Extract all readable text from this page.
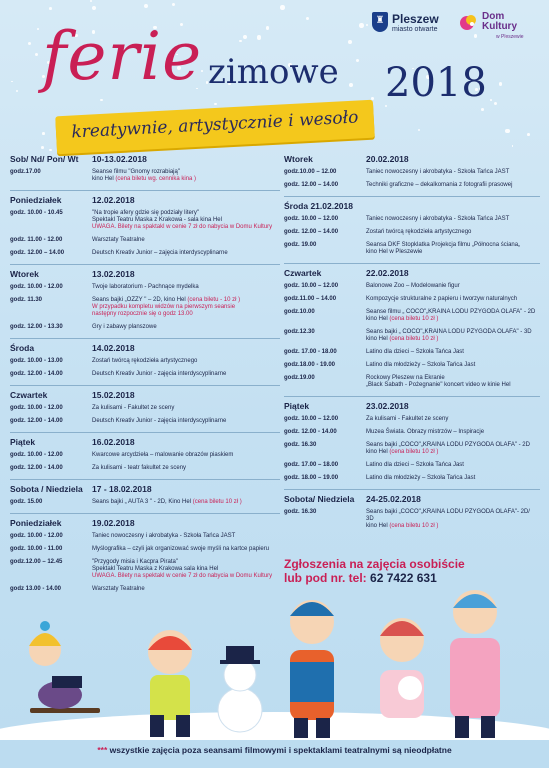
♜ Pleszew
miasto otwarte
Dom
Kultury
w Pleszewie
ferie zimowe 2018
kreatywnie, artystycznie i wesoło
Sob/ Nd/ Pon/ Wt 10-13.02.2018
godz.17.00	Seanse filmu "Gnomy rozrabiają"
kino Hel (cena biletu wg. cennika kina )
Poniedziałek	12.02.2018
godz. 10.00 - 10.45	"Na tropie afery gdzie się podziały litery"
Spektakl Teatru Maska z Krakowa - sala kina Hel
UWAGA. Bilety na spaktakl w cenie 7 zł do nabycia w Domu Kultury
godz. 11.00 - 12.00	Warsztaty Teatralne
godz. 12.00 – 14.00	Deutsch Kreativ Junior – zajęcia interdyscyplinarne
Wtorek	13.02.2018
godz. 10.00 - 12.00	Twoje laboratorium - Pachnące mydelka
godz. 11.30	Seans bajki „OZZY " – 2D, kino Hel (cena biletu - 10 zł )
W przypadku kompletu widzów na pierwszym seansie
następny rozpocznie się o godz 13.00
godz. 12.00 - 13.30	Gry i zabawy planszowe
Środa	14.02.2018
godz. 10.00 - 13.00	Zostań twórcą rękodzieła artystycznego
godz. 12.00 - 14.00	Deutsch Kreativ Junior - zajęcia interdyscyplinarne
Czwartek	15.02.2018
godz. 10.00 - 12.00	Za kulisami - Fakultet ze sceny
godz. 12.00 - 14.00	Deutsch Kreativ Junior - zajęcia interdyscyplinarne
Piątek	16.02.2018
godz. 10.00 - 12.00	Kwarcowe arcydzieła – malowanie obrazów piaskiem
godz. 12.00 - 14.00	Za kulisami - teatr fakultet ze sceny
Sobota / Niedziela 17 - 18.02.2018
godz. 15.00	Seans bajki „ AUTA 3 " - 2D, Kino Hel (cena biletu 10 zł )
Poniedziałek	19.02.2018
godz. 10.00 - 12.00	Taniec nowoczesny i akrobatyka - Szkoła Tańca JAST
godz. 10.00 - 11.00	Myślografika – czyli jak organizować swoje myśli na kartce papieru
godz.12.00 – 12.45	"Przygody misia i Kacpra Pirata"
Spektakl Teatru Maska z Krakowa sala kina Hel
UWAGA. Bilety na spektakl w cenie 7 zł do nabycia w Domu Kultury
godz 13.00 - 14.00	Warsztaty Teatralne
Wtorek	20.02.2018
godz.10.00 – 12.00	Taniec nowoczesny i akrobatyka - Szkoła Tańca JAST
godz. 12.00 – 14.00	Techniki graficzne – dekalkomania z fotografii prasowej
Środa 21.02.2018
godz. 10.00 – 12.00	Taniec nowoczesny i akrobatyka - Szkoła Tańca JAST
godz. 12.00 – 14.00	Zostań twórcą rękodzieła artystycznego
godz. 19.00	Seansa DKF Stopklatka Projekcja filmu „Północna ściana„
kino Hel w Pleszewie
Czwartek	22.02.2018
godz. 10.00 – 12.00	Balonowe Zoo – Modelowanie figur
godz.11.00 – 14.00	Kompozycje strukturalne z papieru i tworzyw naturalnych
godz.10.00	Seanse filmu „ COCO"„KRAINA LODU PZYGODA OLAFA" - 2D
kino Hel (cena biletu 10 zł )
godz.12.30	Seans bajki „ COCO"„KRAINA LODU PZYGODA OLAFA" - 3D
kino Hel (cena biletu 10 zł )
godz. 17.00 - 18.00	Latino dla dzieci – Szkoła Tańca Jast
godz.18.00 - 19.00	Latino dla młodzieży – Szkoła Tańca Jast
godz.19.00	Rockowy Pleszew na Ekranie
„Black Sabath - Pożegnanie" koncert video w kinie Hel
Piątek	23.02.2018
godz. 10.00 – 12.00	Za kulisami - Fakultet ze sceny
godz. 12.00 - 14.00	Muzea Świata. Obrazy mistrzów – Inspiracje
godz. 16.30	Seans bajki „COCO"„KRAINA LODU PZYGODA OLAFA" - 2D
kino Hel (cena biletu 10 zł )
godz. 17.00 – 18.00	Latino dla dzieci – Szkoła Tańca Jast
godz. 18.00 – 19.00	Latino dla młodzieży – Szkoła Tańca Jast
Sobota/ Niedziela 24-25.02.2018
godz. 16.30	Seans bajki „COCO"„KRAINA LODU PZYGODA OLAFA"- 2D/ 3D
kino Hel (cena biletu 10 zł )
Zgłoszenia na zajęcia osobiście
lub pod nr. tel: 62 7422 631
*** wszystkie zajęcia poza seansami filmowymi i spektaklami teatralnymi są nieodpłatne
